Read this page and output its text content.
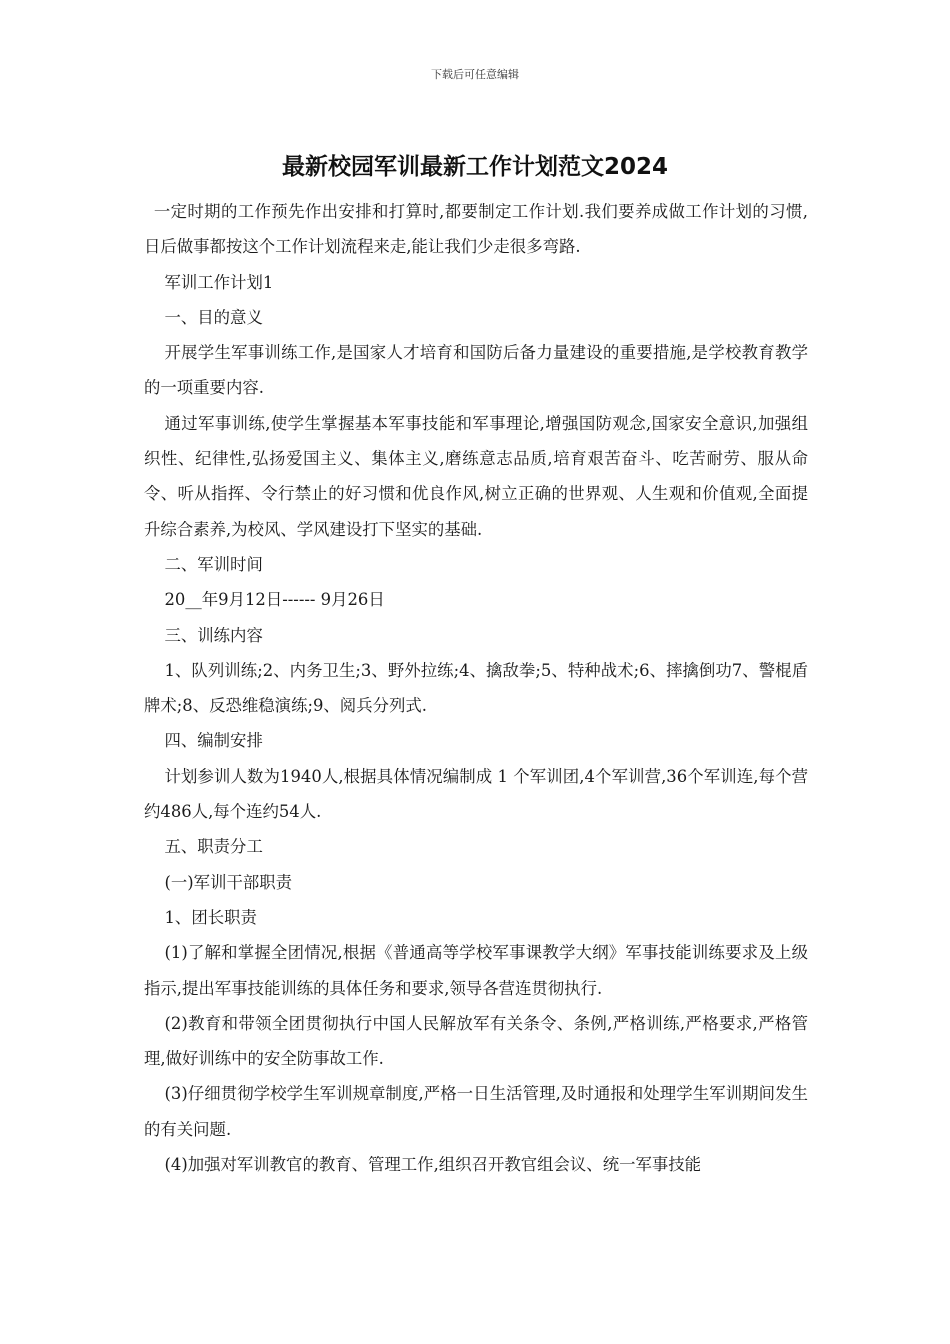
下载后可任意编辑
最新校园军训最新工作计划范文2024

一定时期的工作预先作出安排和打算时,都要制定工作计划.我们要养成做工作计划的习惯,日后做事都按这个工作计划流程来走,能让我们少走很多弯路.

军训工作计划1

一、目的意义

开展学生军事训练工作,是国家人才培育和国防后备力量建设的重要措施,是学校教育教学的一项重要内容.

通过军事训练,使学生掌握基本军事技能和军事理论,增强国防观念,国家安全意识,加强组织性、纪律性,弘扬爱国主义、集体主义,磨练意志品质,培育艰苦奋斗、吃苦耐劳、服从命令、听从指挥、令行禁止的好习惯和优良作风,树立正确的世界观、人生观和价值观,全面提升综合素养,为校风、学风建设打下坚实的基础.

二、军训时间

20__年9月12日------ 9月26日

三、训练内容

1、队列训练;2、内务卫生;3、野外拉练;4、擒敌拳;5、特种战术;6、摔擒倒功7、警棍盾牌术;8、反恐维稳演练;9、阅兵分列式.

四、编制安排

计划参训人数为1940人,根据具体情况编制成 1 个军训团,4个军训营,36个军训连,每个营约486人,每个连约54人.

五、职责分工

(一)军训干部职责

1、团长职责

(1)了解和掌握全团情况,根据《普通高等学校军事课教学大纲》军事技能训练要求及上级指示,提出军事技能训练的具体任务和要求,领导各营连贯彻执行.

(2)教育和带领全团贯彻执行中国人民解放军有关条令、条例,严格训练,严格要求,严格管理,做好训练中的安全防事故工作.

(3)仔细贯彻学校学生军训规章制度,严格一日生活管理,及时通报和处理学生军训期间发生的有关问题.

(4)加强对军训教官的教育、管理工作,组织召开教官组会议、统一军事技能
